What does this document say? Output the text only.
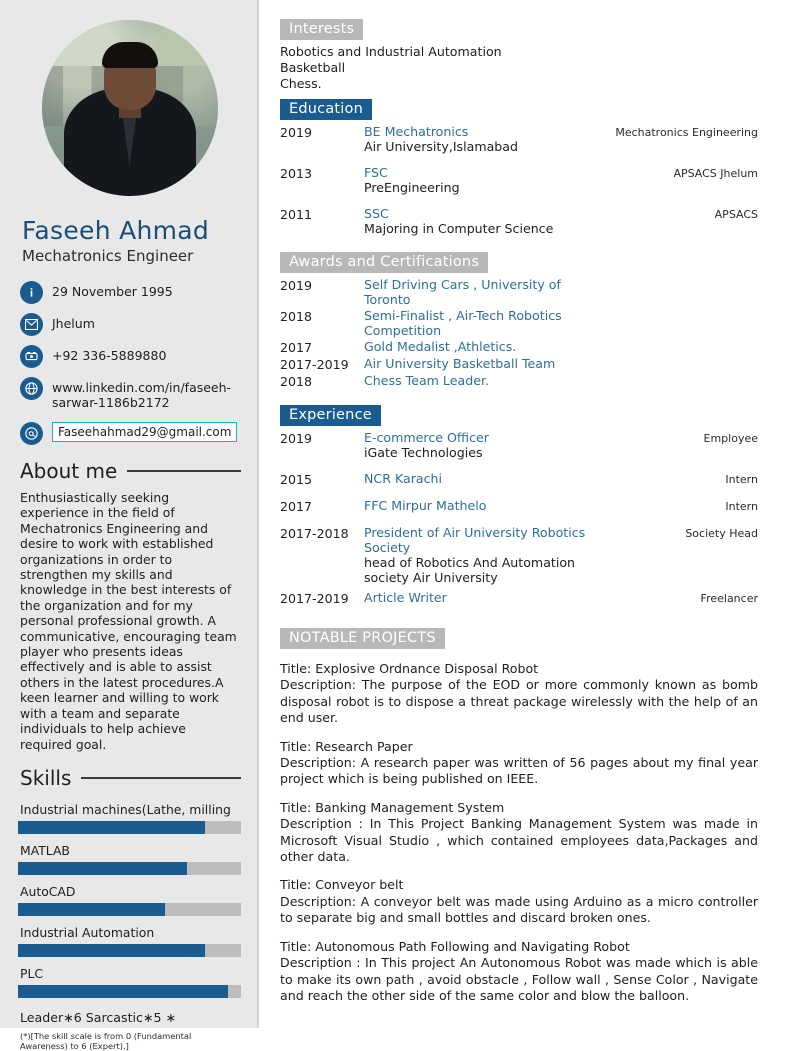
Faseeh Ahmad
Mechatronics Engineer
29 November 1995
Jhelum
+92 336-5889880
www.linkedin.com/in/faseeh-sarwar-1186b2172
Faseehahmad29@gmail.com
About me

Enthusiastically seeking experience in the field of Mechatronics Engineering and desire to work with established organizations in order to strengthen my skills and knowledge in the best interests of the organization and for my personal professional growth. A communicative, encouraging team player who presents ideas effectively and is able to assist others in the latest procedures.A keen learner and willing to work with a team and separate individuals to help achieve required goal.

Skills
Industrial machines(Lathe, milling
MATLAB
AutoCAD
Industrial Automation
PLC
Leader∗6 Sarcastic∗5 ∗
(*)[The skill scale is from 0 (Fundamental Awareness) to 6 (Expert).]
Interests
Robotics and Industrial Automation
Basketball
Chess.
Education
2019	BE Mechatronics
Air University,Islamabad	Mechatronics Engineering
2013	FSC
PreEngineering	APSACS Jhelum
2011	SSC
Majoring in Computer Science	APSACS
Awards and Certifications
2019	Self Driving Cars , University of Toronto	

2018	Semi-Finalist , Air-Tech Robotics Competition	

2017	Gold Medalist ,Athletics.	

2017-2019	Air University Basketball Team	

2018	Chess Team Leader.	

Experience
2019	E-commerce Officer
iGate Technologies	Employee
2015	NCR Karachi	Intern
2017	FFC Mirpur Mathelo	Intern
2017-2018	President of Air University Robotics Society
head of Robotics And Automation society Air University	Society Head
2017-2019	Article Writer	Freelancer
NOTABLE PROJECTS
Title: Explosive Ordnance Disposal Robot
Description: The purpose of the EOD or more commonly known as bomb disposal robot is to dispose a threat package wirelessly with the help of an end user.
Title: Research Paper
Description: A research paper was written of 56 pages about my final year project which is being published on IEEE.
Title: Banking Management System
Description : In This Project Banking Management System was made in Microsoft Visual Studio , which contained employees data,Packages and other data.
Title: Conveyor belt
Description: A conveyor belt was made using Arduino as a micro controller to separate big and small bottles and discard broken ones.
Title: Autonomous Path Following and Navigating Robot
Description : In This project An Autonomous Robot was made which is able to make its own path , avoid obstacle , Follow wall , Sense Color , Navigate and reach the other side of the same color and blow the balloon.
